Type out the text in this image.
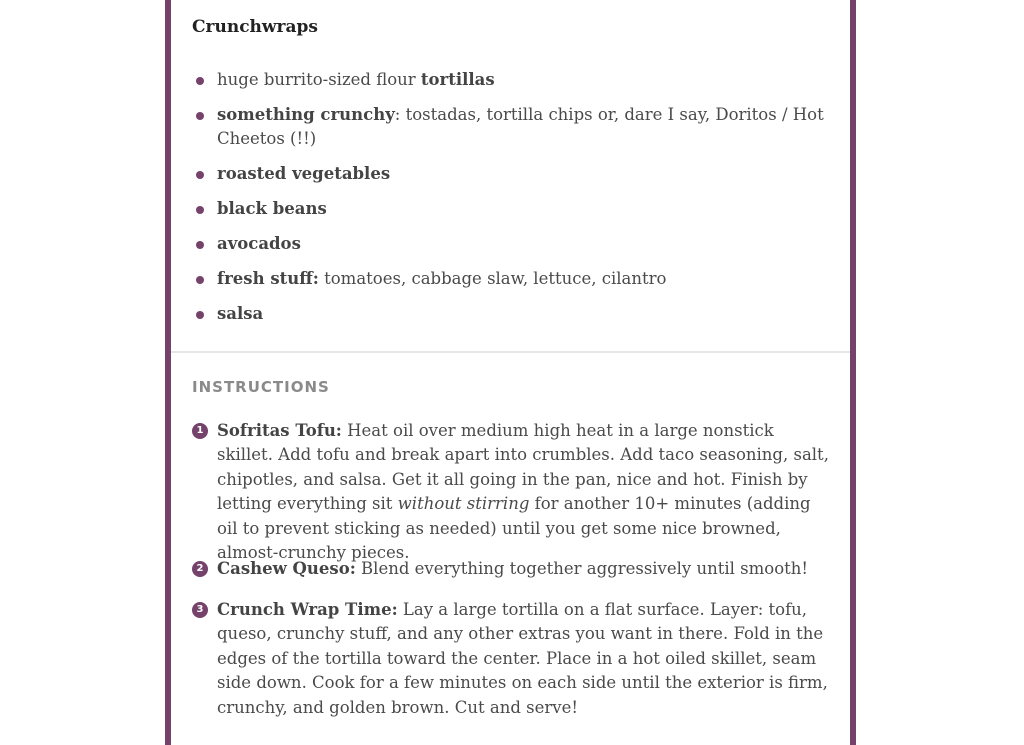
Crunchwraps
huge burrito-sized flour tortillas
something crunchy: tostadas, tortilla chips or, dare I say, Doritos / Hot Cheetos (!!)
roasted vegetables
black beans
avocados
fresh stuff: tomatoes, cabbage slaw, lettuce, cilantro
salsa
INSTRUCTIONS
1 Sofritas Tofu: Heat oil over medium high heat in a large nonstick skillet. Add tofu and break apart into crumbles. Add taco seasoning, salt, chipotles, and salsa. Get it all going in the pan, nice and hot. Finish by letting everything sit without stirring for another 10+ minutes (adding oil to prevent sticking as needed) until you get some nice browned, almost-crunchy pieces.
2 Cashew Queso: Blend everything together aggressively until smooth!
3 Crunch Wrap Time: Lay a large tortilla on a flat surface. Layer: tofu, queso, crunchy stuff, and any other extras you want in there. Fold in the edges of the tortilla toward the center. Place in a hot oiled skillet, seam side down. Cook for a few minutes on each side until the exterior is firm, crunchy, and golden brown. Cut and serve!
